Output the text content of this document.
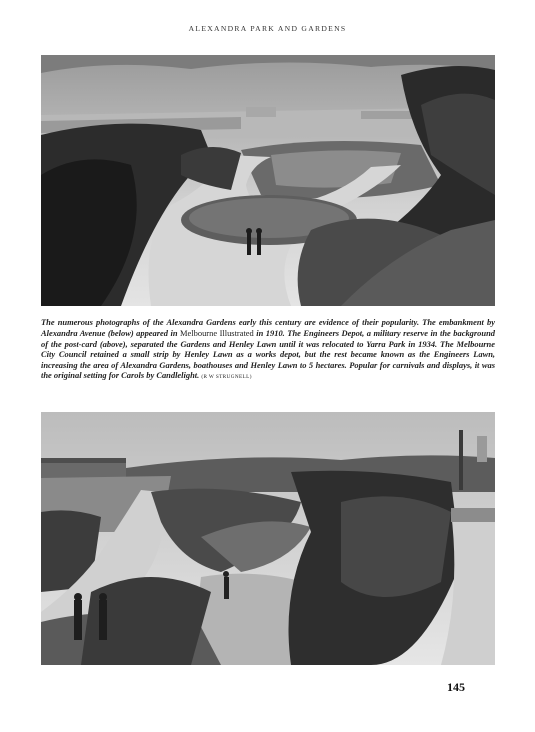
ALEXANDRA PARK AND GARDENS

The numerous photographs of the Alexandra Gardens early this century are evidence of their popularity. The embankment by Alexandra Avenue (below) appeared in Melbourne Illustrated in 1910. The Engineers Depot, a military reserve in the background of the post-card (above), separated the Gardens and Henley Lawn until it was relocated to Yarra Park in 1934. The Melbourne City Council retained a small strip by Henley Lawn as a works depot, but the rest became known as the Engineers Lawn, increasing the area of Alexandra Gardens, boathouses and Henley Lawn to 5 hectares. Popular for carnivals and displays, it was the original setting for Carols by Candlelight. (R W STRUGNELL)

145
